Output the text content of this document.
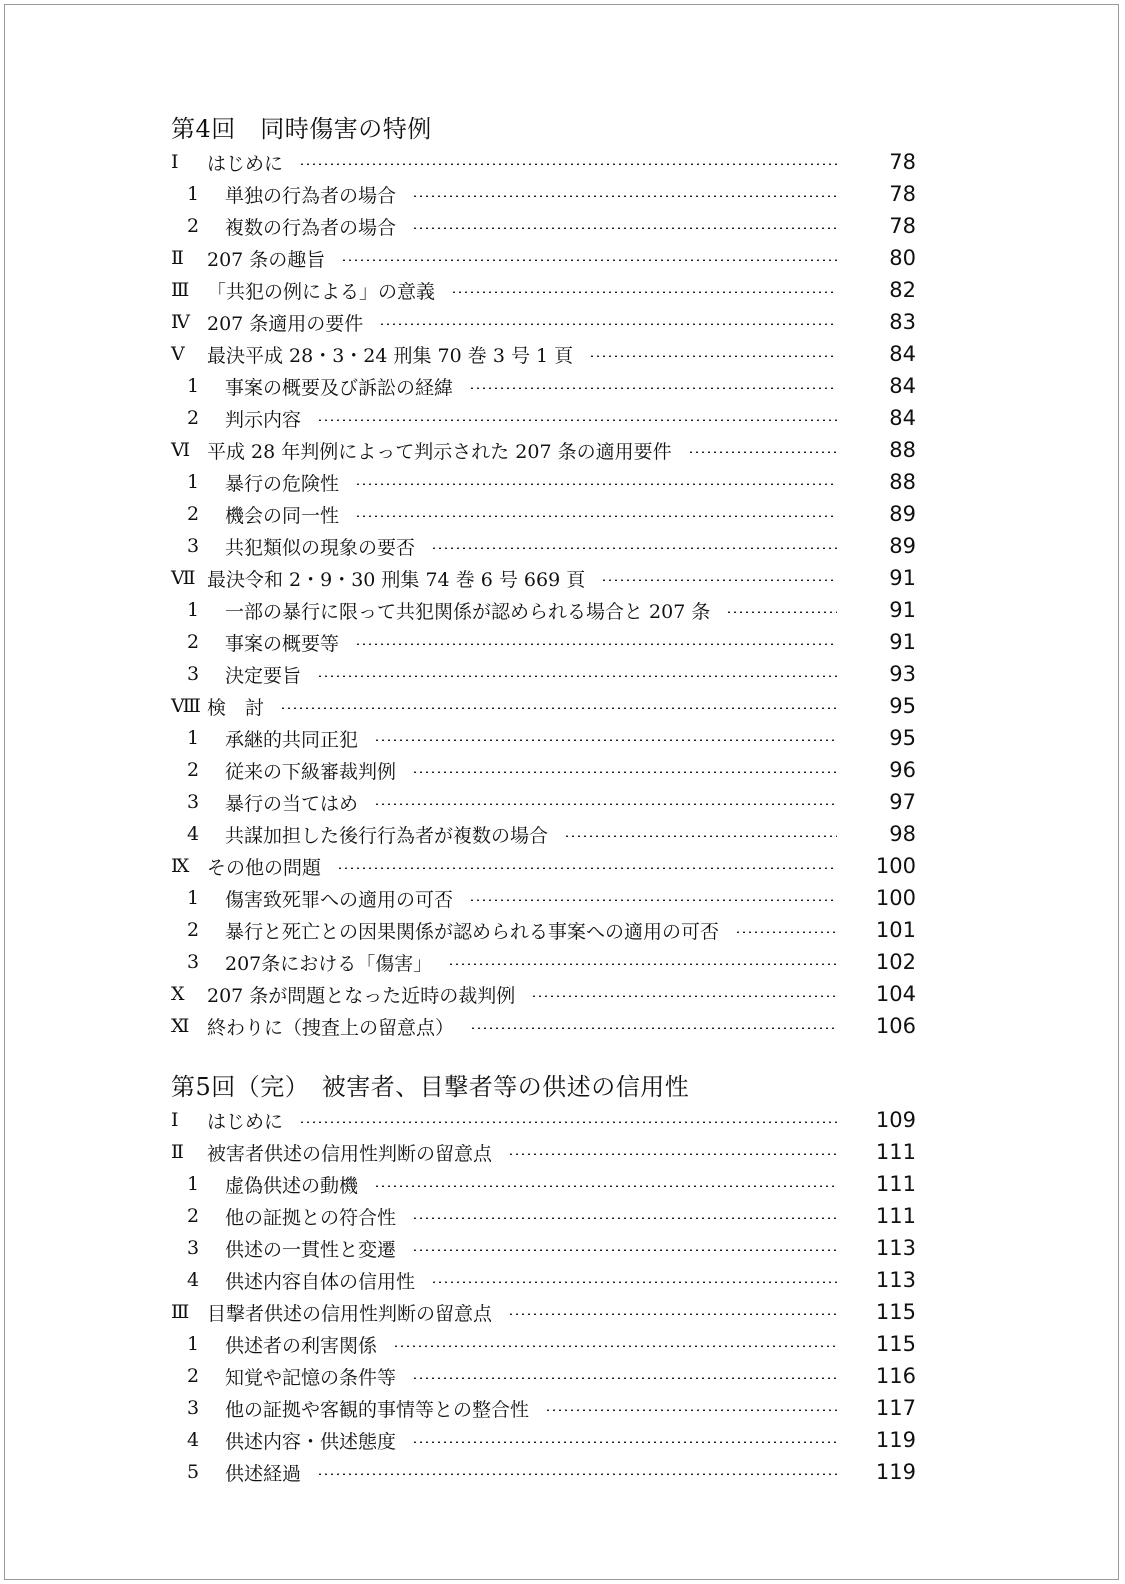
第4回　同時傷害の特例
Ⅰ	はじめに	78
1	単独の行為者の場合	78
2	複数の行為者の場合	78
Ⅱ	207 条の趣旨	80
Ⅲ 「共犯の例による」の意義	82
Ⅳ 207 条適用の要件	83
Ⅴ	最決平成 28・3・24 刑集 70 巻 3 号 1 頁	84
1	事案の概要及び訴訟の経緯	84
2	判示内容	84
Ⅵ 平成 28 年判例によって判示された 207 条の適用要件	88
1	暴行の危険性	88
2	機会の同一性	89
3	共犯類似の現象の要否	89
Ⅶ 最決令和 2・9・30 刑集 74 巻 6 号 669 頁	91
1	一部の暴行に限って共犯関係が認められる場合と 207 条	91
2	事案の概要等	91
3	決定要旨	93
Ⅷ 検　討	95
1	承継的共同正犯	95
2	従来の下級審裁判例	96
3	暴行の当てはめ	97
4	共謀加担した後行行為者が複数の場合	98
Ⅸ その他の問題	100
1	傷害致死罪への適用の可否	100
2	暴行と死亡との因果関係が認められる事案への適用の可否	101
3	207条における「傷害」	102
Ⅹ	207 条が問題となった近時の裁判例	104
Ⅺ 終わりに（捜査上の留意点）	106
第5回（完）　被害者、目撃者等の供述の信用性
Ⅰ	はじめに	109
Ⅱ	被害者供述の信用性判断の留意点	111
1	虚偽供述の動機	111
2	他の証拠との符合性	111
3	供述の一貫性と変遷	113
4	供述内容自体の信用性	113
Ⅲ 目撃者供述の信用性判断の留意点	115
1	供述者の利害関係	115
2	知覚や記憶の条件等	116
3	他の証拠や客観的事情等との整合性	117
4	供述内容・供述態度	119
5	供述経過	119
